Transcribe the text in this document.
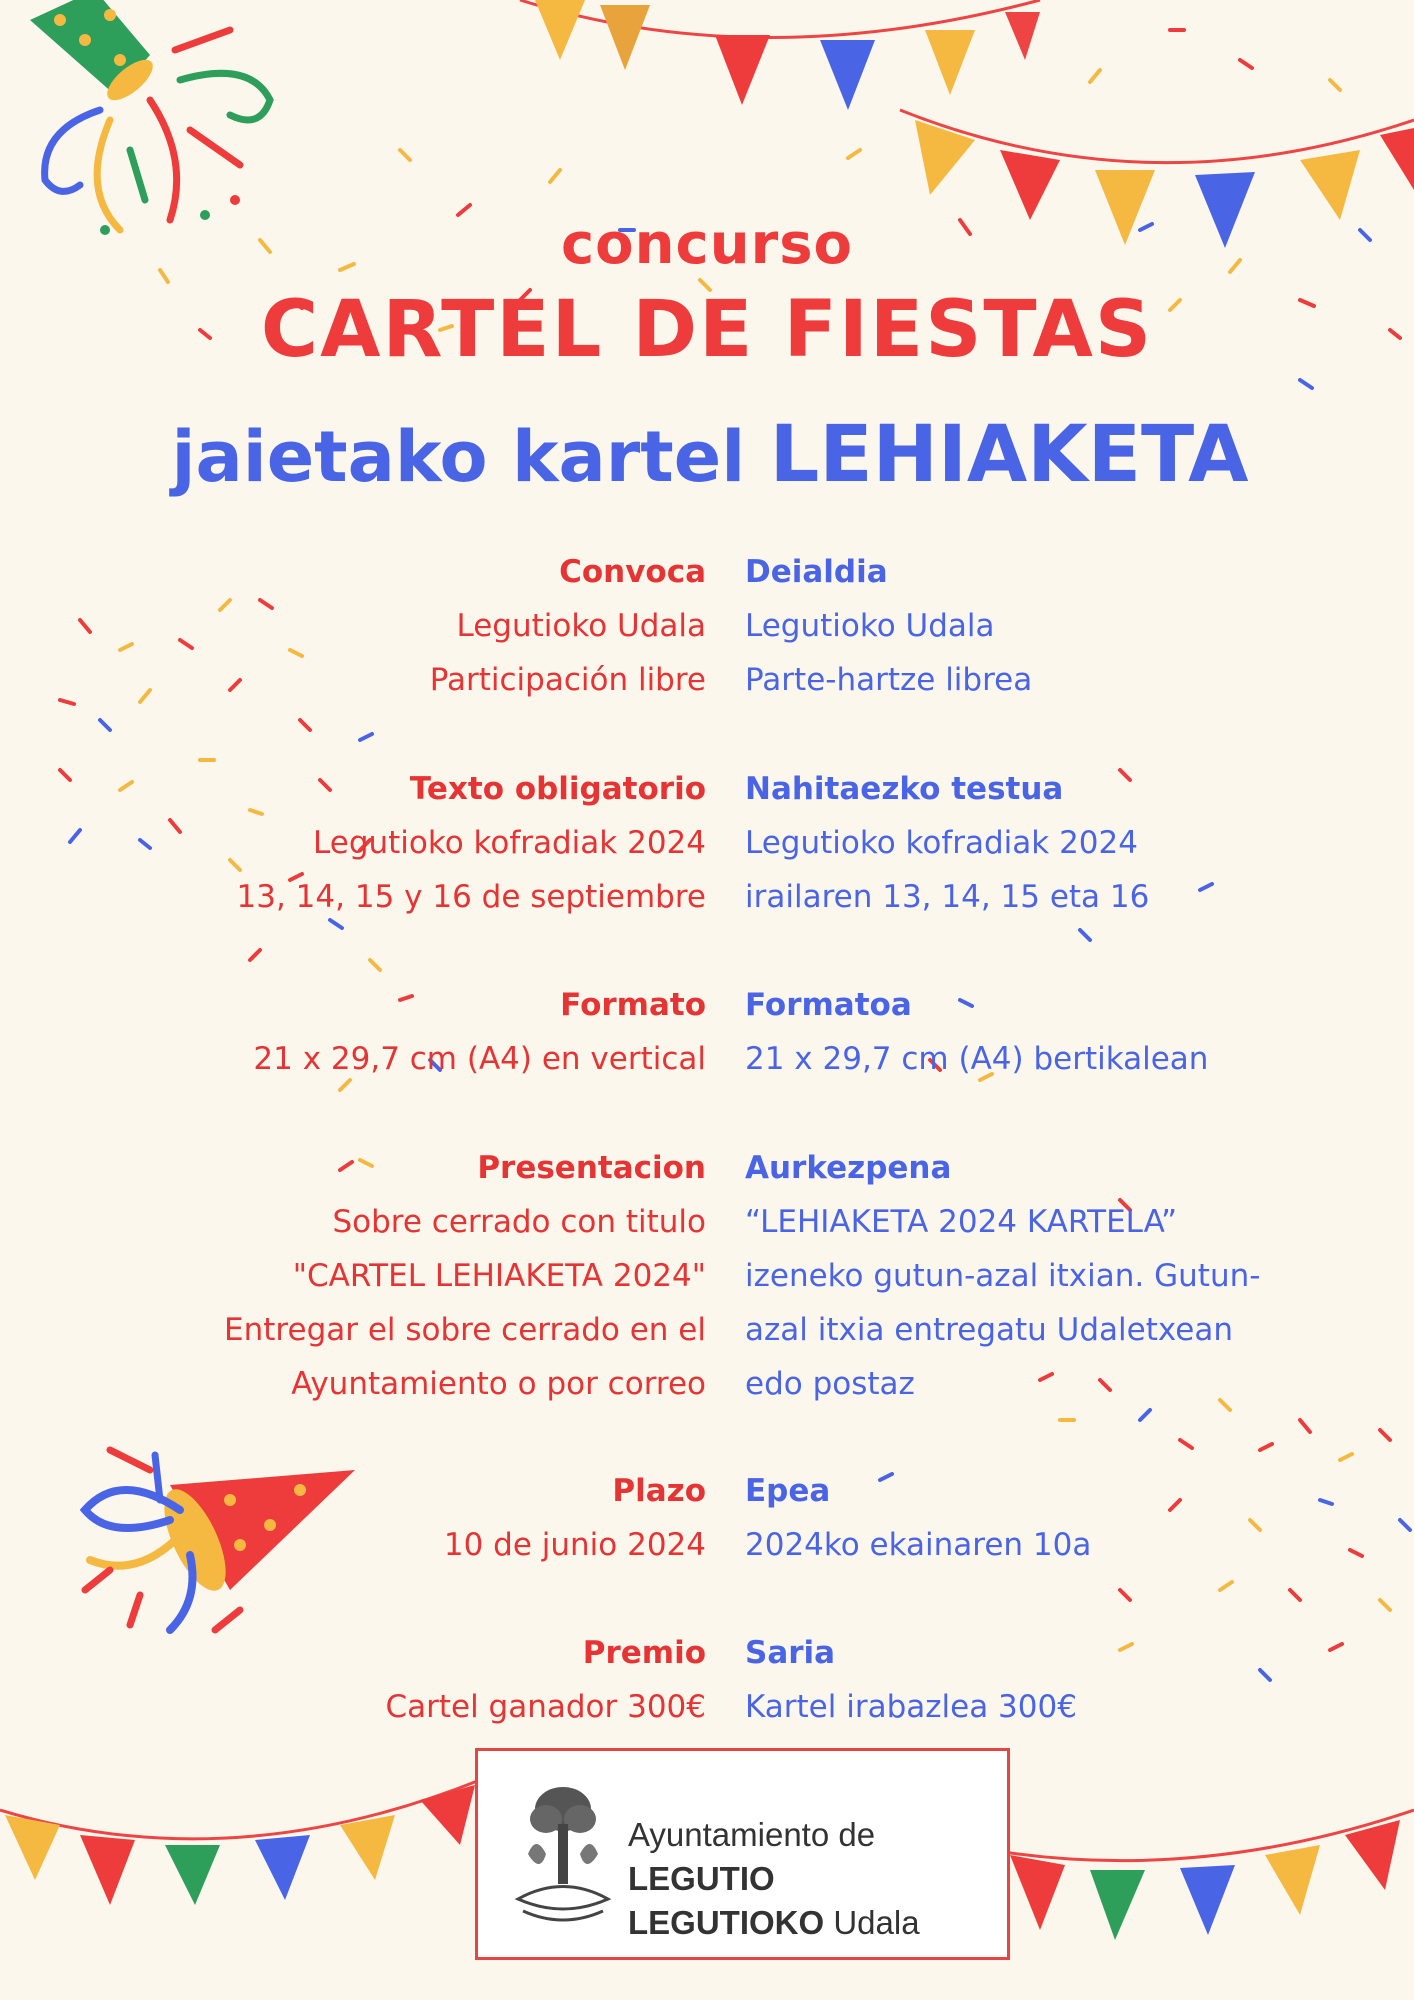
concurso
CARTEL DE FIESTAS
jaietako kartel LEHIAKETA
Convoca
Legutioko Udala
Participación libre
Deialdia
Legutioko Udala
Parte-hartze librea
Texto obligatorio
Legutioko kofradiak 2024
13, 14, 15 y 16 de septiembre
Nahitaezko testua
Legutioko kofradiak 2024
irailaren 13, 14, 15 eta 16
Formato
21 x 29,7 cm (A4) en vertical
Formatoa
21 x 29,7 cm (A4) bertikalean
Presentacion
Sobre cerrado con titulo
"CARTEL LEHIAKETA 2024"
Entregar el sobre cerrado en el
Ayuntamiento o por correo
Aurkezpena
“LEHIAKETA 2024 KARTELA”
izeneko gutun-azal itxian. Gutun-
azal itxia entregatu Udaletxean
edo postaz
Plazo
10 de junio 2024
Epea
2024ko ekainaren 10a
Premio
Cartel ganador 300€
Saria
Kartel irabazlea 300€
Ayuntamiento de LEGUTIO
LEGUTIOKO Udala
